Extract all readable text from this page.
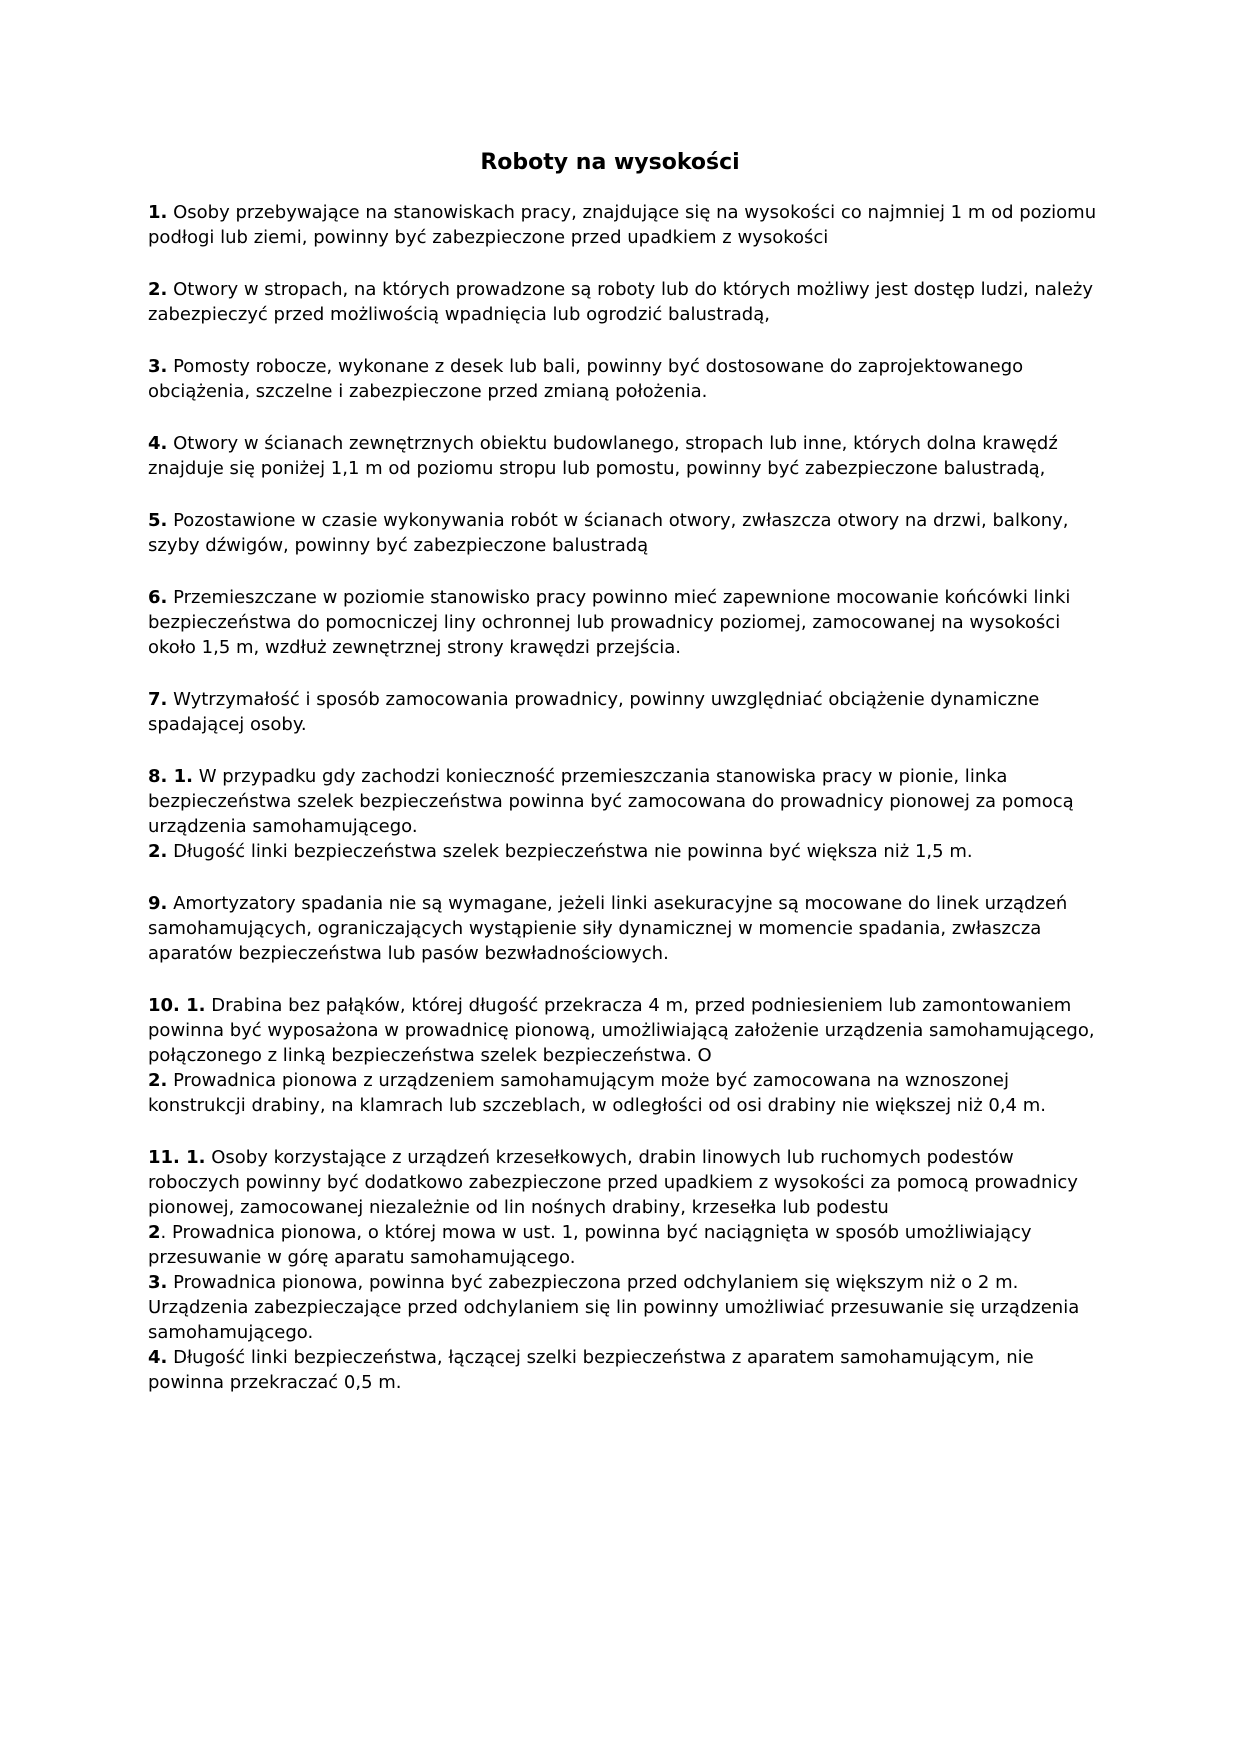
Roboty na wysokości
1. Osoby przebywające na stanowiskach pracy, znajdujące się na wysokości co najmniej 1 m od poziomu podłogi lub ziemi, powinny być zabezpieczone przed upadkiem z wysokości
2. Otwory w stropach, na których prowadzone są roboty lub do których możliwy jest dostęp ludzi, należy zabezpieczyć przed możliwością wpadnięcia lub ogrodzić balustradą,
3. Pomosty robocze, wykonane z desek lub bali, powinny być dostosowane do zaprojektowanego obciążenia, szczelne i zabezpieczone przed zmianą położenia.
4. Otwory w ścianach zewnętrznych obiektu budowlanego, stropach lub inne, których dolna krawędź znajduje się poniżej 1,1 m od poziomu stropu lub pomostu, powinny być zabezpieczone balustradą,
5. Pozostawione w czasie wykonywania robót w ścianach otwory, zwłaszcza otwory na drzwi, balkony, szyby dźwigów, powinny być zabezpieczone balustradą
6. Przemieszczane w poziomie stanowisko pracy powinno mieć zapewnione mocowanie końcówki linki bezpieczeństwa do pomocniczej liny ochronnej lub prowadnicy poziomej, zamocowanej na wysokości około 1,5 m, wzdłuż zewnętrznej strony krawędzi przejścia.
7. Wytrzymałość i sposób zamocowania prowadnicy, powinny uwzględniać obciążenie dynamiczne spadającej osoby.
8. 1. W przypadku gdy zachodzi konieczność przemieszczania stanowiska pracy w pionie, linka bezpieczeństwa szelek bezpieczeństwa powinna być zamocowana do prowadnicy pionowej za pomocą urządzenia samohamującego.
2. Długość linki bezpieczeństwa szelek bezpieczeństwa nie powinna być większa niż 1,5 m.
9. Amortyzatory spadania nie są wymagane, jeżeli linki asekuracyjne są mocowane do linek urządzeń samohamujących, ograniczających wystąpienie siły dynamicznej w momencie spadania, zwłaszcza aparatów bezpieczeństwa lub pasów bezwładnościowych.
10. 1. Drabina bez pałąków, której długość przekracza 4 m, przed podniesieniem lub zamontowaniem powinna być wyposażona w prowadnicę pionową, umożliwiającą założenie urządzenia samohamującego, połączonego z linką bezpieczeństwa szelek bezpieczeństwa. O
2. Prowadnica pionowa z urządzeniem samohamującym może być zamocowana na wznoszonej konstrukcji drabiny, na klamrach lub szczeblach, w odległości od osi drabiny nie większej niż 0,4 m.
11. 1. Osoby korzystające z urządzeń krzesełkowych, drabin linowych lub ruchomych podestów roboczych powinny być dodatkowo zabezpieczone przed upadkiem z wysokości za pomocą prowadnicy pionowej, zamocowanej niezależnie od lin nośnych drabiny, krzesełka lub podestu
2. Prowadnica pionowa, o której mowa w ust. 1, powinna być naciągnięta w sposób umożliwiający przesuwanie w górę aparatu samohamującego.
3. Prowadnica pionowa, powinna być zabezpieczona przed odchylaniem się większym niż o 2 m. Urządzenia zabezpieczające przed odchylaniem się lin powinny umożliwiać przesuwanie się urządzenia samohamującego.
4. Długość linki bezpieczeństwa, łączącej szelki bezpieczeństwa z aparatem samohamującym, nie powinna przekraczać 0,5 m.
